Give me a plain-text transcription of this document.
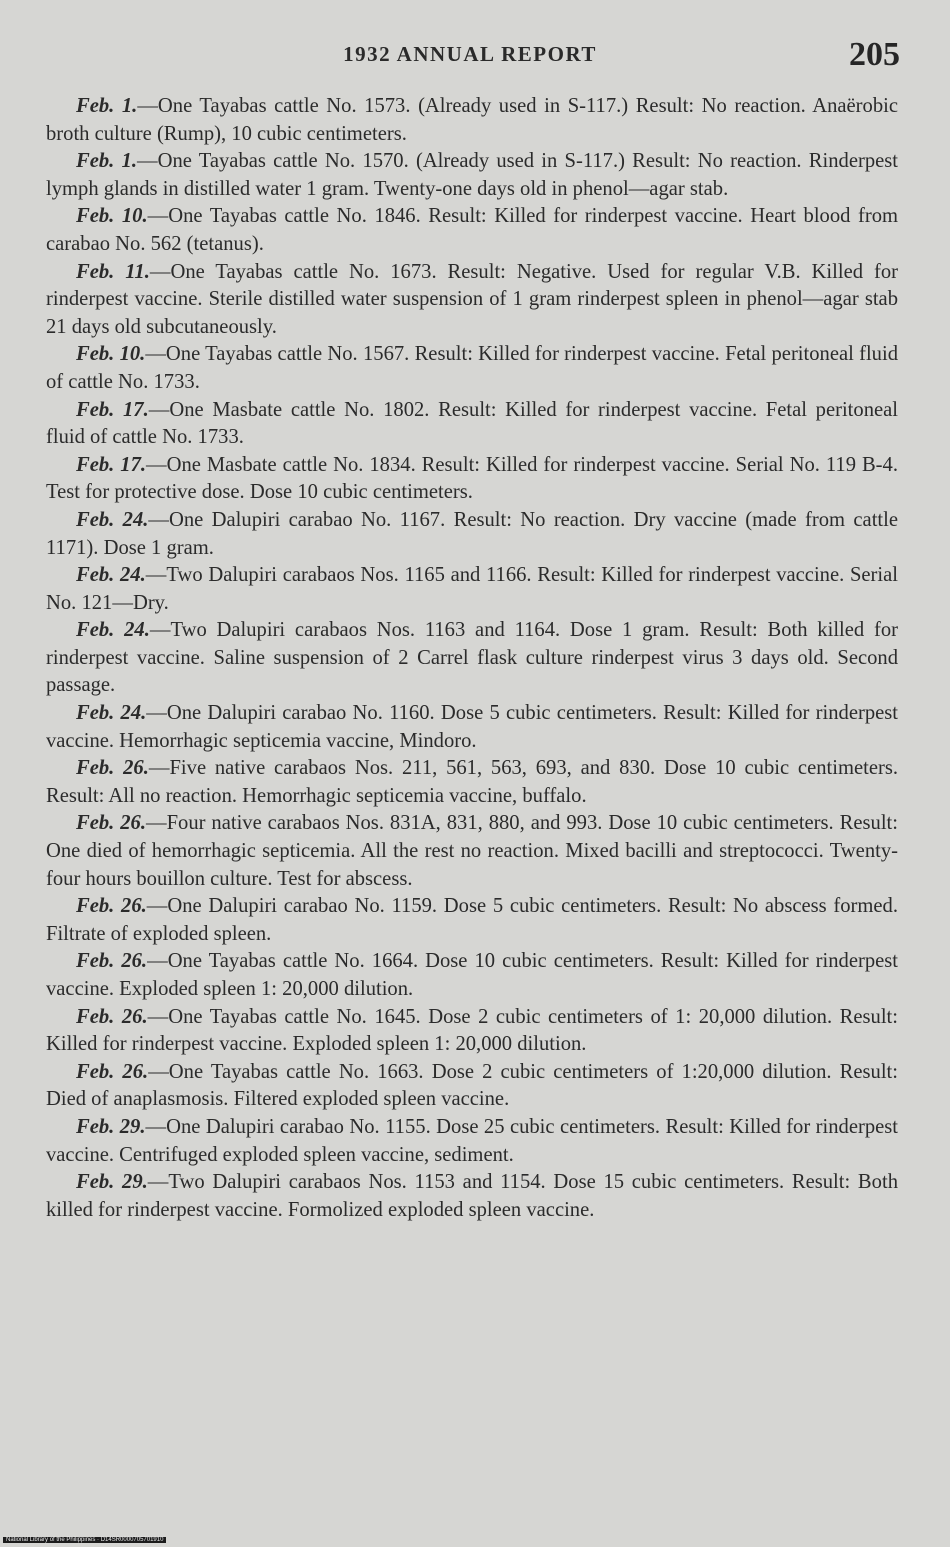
1932 ANNUAL REPORT	205

Feb. 1.—One Tayabas cattle No. 1573. (Already used in S-117.) Result: No reaction. Anaërobic broth culture (Rump), 10 cubic centimeters.

Feb. 1.—One Tayabas cattle No. 1570. (Already used in S-117.) Result: No reaction. Rinderpest lymph glands in distilled water 1 gram. Twenty-one days old in phenol—agar stab.

Feb. 10.—One Tayabas cattle No. 1846. Result: Killed for rinderpest vaccine. Heart blood from carabao No. 562 (tetanus).

Feb. 11.—One Tayabas cattle No. 1673. Result: Negative. Used for regular V.B. Killed for rinderpest vaccine. Sterile distilled water suspension of 1 gram rinderpest spleen in phenol—agar stab 21 days old subcutaneously.

Feb. 10.—One Tayabas cattle No. 1567. Result: Killed for rinderpest vaccine. Fetal peritoneal fluid of cattle No. 1733.

Feb. 17.—One Masbate cattle No. 1802. Result: Killed for rinderpest vaccine. Fetal peritoneal fluid of cattle No. 1733.

Feb. 17.—One Masbate cattle No. 1834. Result: Killed for rinderpest vaccine. Serial No. 119 B-4. Test for protective dose. Dose 10 cubic centimeters.

Feb. 24.—One Dalupiri carabao No. 1167. Result: No reaction. Dry vaccine (made from cattle 1171). Dose 1 gram.

Feb. 24.—Two Dalupiri carabaos Nos. 1165 and 1166. Result: Killed for rinderpest vaccine. Serial No. 121—Dry.

Feb. 24.—Two Dalupiri carabaos Nos. 1163 and 1164. Dose 1 gram. Result: Both killed for rinderpest vaccine. Saline suspension of 2 Carrel flask culture rinderpest virus 3 days old. Second passage.

Feb. 24.—One Dalupiri carabao No. 1160. Dose 5 cubic centimeters. Result: Killed for rinderpest vaccine. Hemorrhagic septicemia vaccine, Mindoro.

Feb. 26.—Five native carabaos Nos. 211, 561, 563, 693, and 830. Dose 10 cubic centimeters. Result: All no reaction. Hemorrhagic septicemia vaccine, buffalo.

Feb. 26.—Four native carabaos Nos. 831A, 831, 880, and 993. Dose 10 cubic centimeters. Result: One died of hemorrhagic septicemia. All the rest no reaction. Mixed bacilli and streptococci. Twenty-four hours bouillon culture. Test for abscess.

Feb. 26.—One Dalupiri carabao No. 1159. Dose 5 cubic centimeters. Result: No abscess formed. Filtrate of exploded spleen.

Feb. 26.—One Tayabas cattle No. 1664. Dose 10 cubic centimeters. Result: Killed for rinderpest vaccine. Exploded spleen 1: 20,000 dilution.

Feb. 26.—One Tayabas cattle No. 1645. Dose 2 cubic centimeters of 1: 20,000 dilution. Result: Killed for rinderpest vaccine. Exploded spleen 1: 20,000 dilution.

Feb. 26.—One Tayabas cattle No. 1663. Dose 2 cubic centimeters of 1:20,000 dilution. Result: Died of anaplasmosis. Filtered exploded spleen vaccine.

Feb. 29.—One Dalupiri carabao No. 1155. Dose 25 cubic centimeters. Result: Killed for rinderpest vaccine. Centrifuged exploded spleen vaccine, sediment.

Feb. 29.—Two Dalupiri carabaos Nos. 1153 and 1154. Dose 15 cubic centimeters. Result: Both killed for rinderpest vaccine. Formolized exploded spleen vaccine.

National Library of the Philippines · D14SR0000705701910
